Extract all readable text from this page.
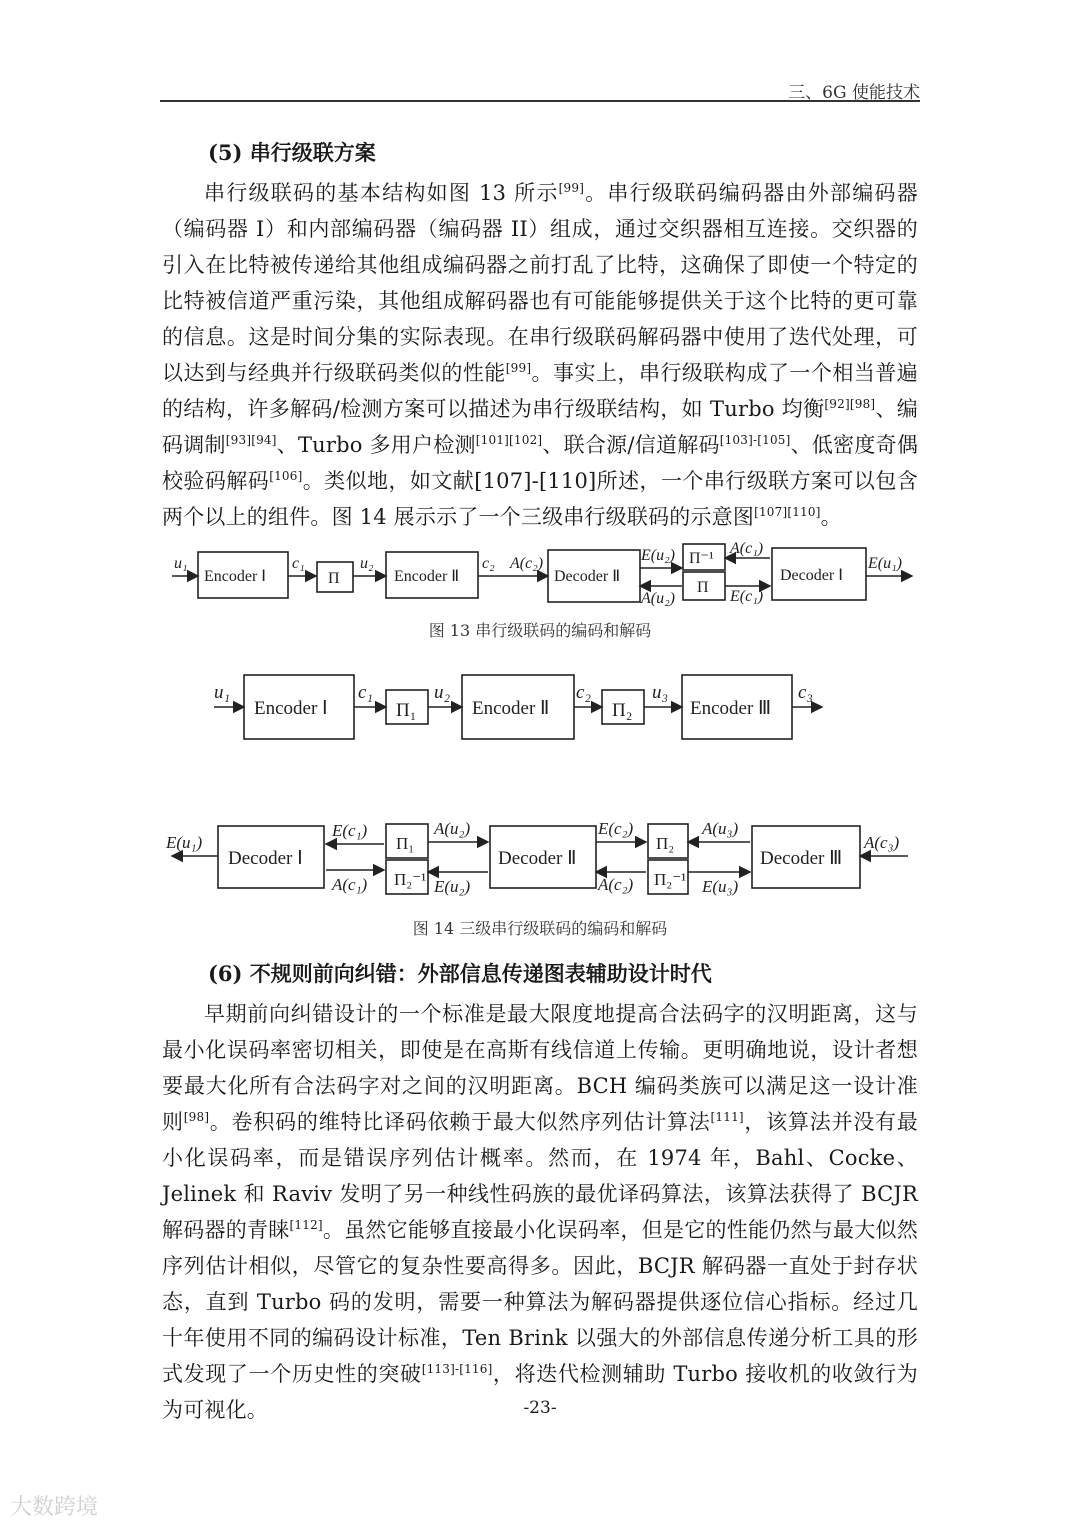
三、6G 使能技术
(5) 串行级联方案

串行级联码的基本结构如图 13 所示[99]。串行级联码编码器由外部编码器（编码器 I）和内部编码器（编码器 II）组成，通过交织器相互连接。交织器的引入在比特被传递给其他组成编码器之前打乱了比特，这确保了即使一个特定的比特被信道严重污染，其他组成解码器也有可能能够提供关于这个比特的更可靠的信息。这是时间分集的实际表现。在串行级联码解码器中使用了迭代处理，可以达到与经典并行级联码类似的性能[99]。事实上，串行级联构成了一个相当普遍的结构，许多解码/检测方案可以描述为串行级联结构，如 Turbo 均衡[92][98]、编码调制[93][94]、Turbo 多用户检测[101][102]、联合源/信道解码[103]-[105]、低密度奇偶校验码解码[106]。类似地，如文献[107]-[110]所述，一个串行级联方案可以包含两个以上的组件。图 14 展示示了一个三级串行级联码的示意图[107][110]。

u₁
Encoder Ⅰ
c₁
Π
u₂
Encoder Ⅱ
c₂ A(c₂)
Decoder Ⅱ
E(u₂)
A(u₂)
Π⁻¹
Π
A(c₁)
E(c₁)
Decoder Ⅰ
E(u₁)
图 13 串行级联码的编码和解码
u₁
Encoder Ⅰ
c₁
Π₁
u₂
Encoder Ⅱ
c₂
Π₂
u₃
Encoder Ⅲ
c₃
E(u₁)
Decoder Ⅰ
E(c₁)
A(c₁)
Π₁
Π₂⁻¹
A(u₂)
E(u₂)
Decoder Ⅱ
E(c₂)
A(c₂)
Π₂
Π₂⁻¹
A(u₃)
E(u₃)
Decoder Ⅲ
A(c₃)
图 14 三级串行级联码的编码和解码
(6) 不规则前向纠错：外部信息传递图表辅助设计时代

早期前向纠错设计的一个标准是最大限度地提高合法码字的汉明距离，这与最小化误码率密切相关，即使是在高斯有线信道上传输。更明确地说，设计者想要最大化所有合法码字对之间的汉明距离。BCH 编码类族可以满足这一设计准则[98]。卷积码的维特比译码依赖于最大似然序列估计算法[111]，该算法并没有最小化误码率，而是错误序列估计概率。然而，在 1974 年，Bahl、Cocke、Jelinek 和 Raviv 发明了另一种线性码族的最优译码算法，该算法获得了 BCJR 解码器的青睐[112]。虽然它能够直接最小化误码率，但是它的性能仍然与最大似然序列估计相似，尽管它的复杂性要高得多。因此，BCJR 解码器一直处于封存状态，直到 Turbo 码的发明，需要一种算法为解码器提供逐位信心指标。经过几十年使用不同的编码设计标准，Ten Brink 以强大的外部信息传递分析工具的形式发现了一个历史性的突破[113]-[116]，将迭代检测辅助 Turbo 接收机的收敛行为为可视化。	-23-
大数跨境
